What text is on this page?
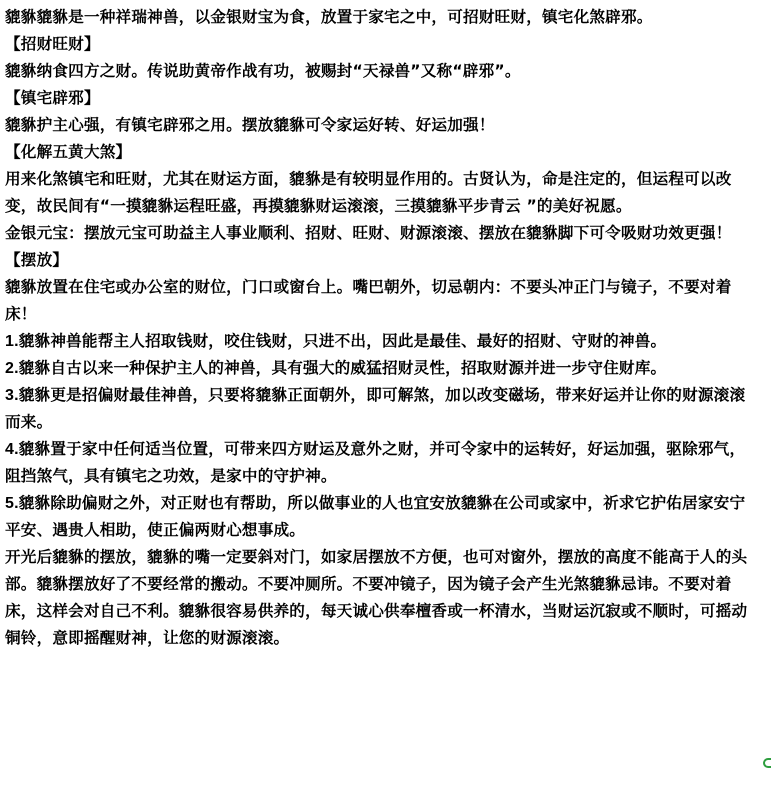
貔貅貔貅是一种祥瑞神兽，以金银财宝为食，放置于家宅之中，可招财旺财，镇宅化煞辟邪。

【招财旺财】

貔貅纳食四方之财。传说助黄帝作战有功，被赐封“天禄兽”又称“辟邪”。

【镇宅辟邪】

貔貅护主心强，有镇宅辟邪之用。摆放貔貅可令家运好转、好运加强！

【化解五黄大煞】

用来化煞镇宅和旺财，尤其在财运方面，貔貅是有较明显作用的。古贤认为，命是注定的，但运程可以改变，故民间有“一摸貔貅运程旺盛，再摸貔貅财运滚滚，三摸貔貅平步青云 ”的美好祝愿。

金银元宝：摆放元宝可助益主人事业顺利、招财、旺财、财源滚滚、摆放在貔貅脚下可令吸财功效更强！

【摆放】

貔貅放置在住宅或办公室的财位，门口或窗台上。嘴巴朝外，切忌朝内：不要头冲正门与镜子，不要对着床！

1.貔貅神兽能帮主人招取钱财，咬住钱财，只进不出，因此是最佳、最好的招财、守财的神兽。

2.貔貅自古以来一种保护主人的神兽，具有强大的威猛招财灵性，招取财源并进一步守住财库。

3.貔貅更是招偏财最佳神兽，只要将貔貅正面朝外，即可解煞，加以改变磁场，带来好运并让你的财源滚滚而来。

4.貔貅置于家中任何适当位置，可带来四方财运及意外之财，并可令家中的运转好，好运加强，驱除邪气，阻挡煞气，具有镇宅之功效，是家中的守护神。

5.貔貅除助偏财之外，对正财也有帮助，所以做事业的人也宜安放貔貅在公司或家中，祈求它护佑居家安宁平安、遇贵人相助，使正偏两财心想事成。

开光后貔貅的摆放，貔貅的嘴一定要斜对门，如家居摆放不方便，也可对窗外，摆放的高度不能高于人的头部。貔貅摆放好了不要经常的搬动。不要冲厕所。不要冲镜子，因为镜子会产生光煞貔貅忌讳。不要对着床，这样会对自己不利。貔貅很容易供养的，每天诚心供奉檀香或一杯清水，当财运沉寂或不顺时，可摇动铜铃，意即摇醒财神，让您的财源滚滚。
